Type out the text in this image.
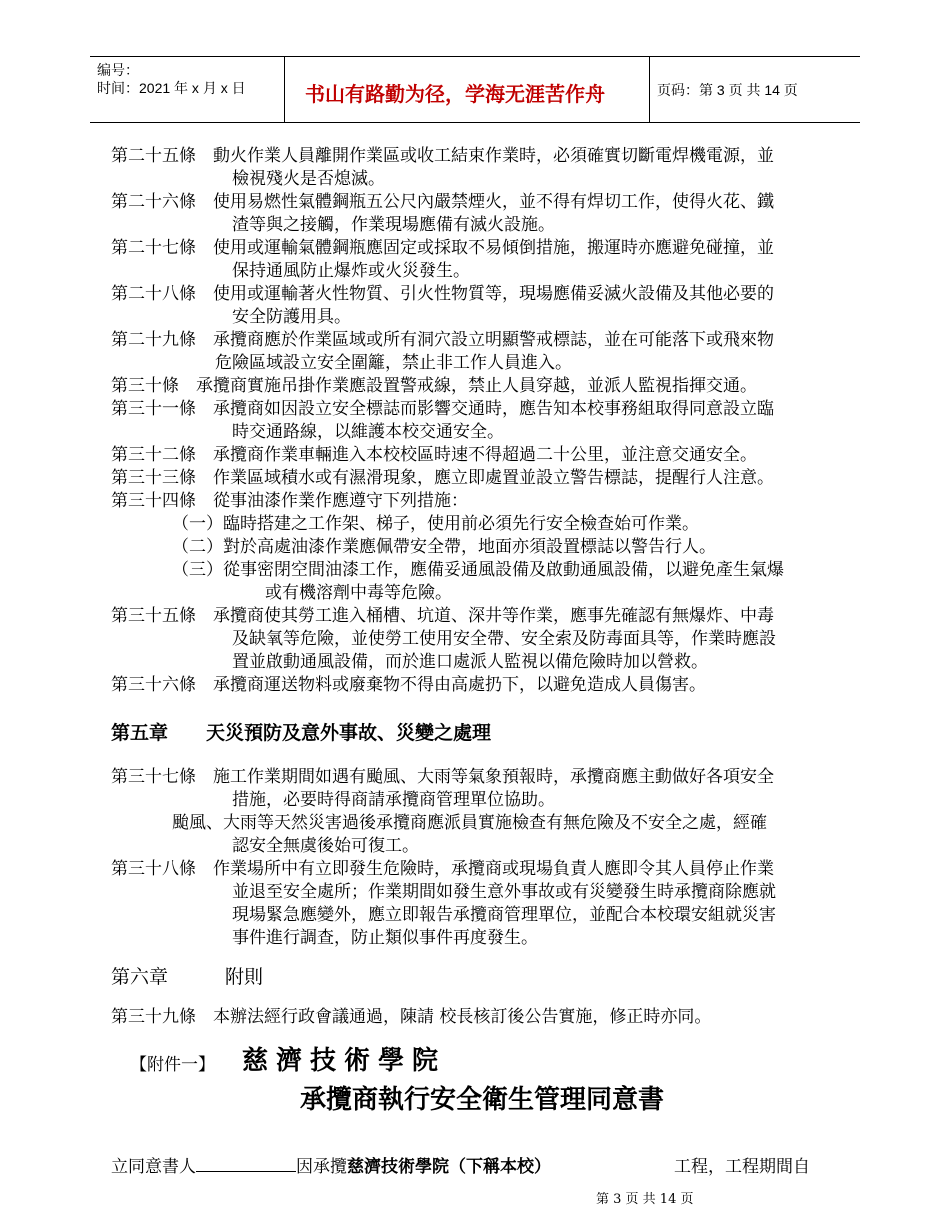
编号：
时间：2021 年 x 月 x 日	书山有路勤为径，学海无涯苦作舟	页码：第 3 页 共 14 页
第二十五條　動火作業人員離開作業區或收工結束作業時，必須確實切斷電焊機電源，並
檢視殘火是否熄滅。
第二十六條　使用易燃性氣體鋼瓶五公尺內嚴禁煙火，並不得有焊切工作，使得火花、鐵
渣等與之接觸，作業現場應備有滅火設施。
第二十七條　使用或運輸氣體鋼瓶應固定或採取不易傾倒措施，搬運時亦應避免碰撞，並
保持通風防止爆炸或火災發生。
第二十八條　使用或運輸著火性物質、引火性物質等，現場應備妥滅火設備及其他必要的
安全防護用具。
第二十九條　承攬商應於作業區域或所有洞穴設立明顯警戒標誌，並在可能落下或飛來物
危險區域設立安全圍籬，禁止非工作人員進入。
第三十條　承攬商實施吊掛作業應設置警戒線，禁止人員穿越，並派人監視指揮交通。
第三十一條　承攬商如因設立安全標誌而影響交通時，應告知本校事務組取得同意設立臨
時交通路線，以維護本校交通安全。
第三十二條　承攬商作業車輛進入本校校區時速不得超過二十公里，並注意交通安全。
第三十三條　作業區域積水或有濕滑現象，應立即處置並設立警告標誌，提醒行人注意。
第三十四條　從事油漆作業作應遵守下列措施：
（一）臨時搭建之工作架、梯子，使用前必須先行安全檢查始可作業。
（二）對於高處油漆作業應佩帶安全帶，地面亦須設置標誌以警告行人。
（三）從事密閉空間油漆工作，應備妥通風設備及啟動通風設備，以避免產生氣爆
或有機溶劑中毒等危險。
第三十五條　承攬商使其勞工進入桶槽、坑道、深井等作業，應事先確認有無爆炸、中毒
及缺氧等危險，並使勞工使用安全帶、安全索及防毒面具等，作業時應設
置並啟動通風設備，而於進口處派人監視以備危險時加以營救。
第三十六條　承攬商運送物料或廢棄物不得由高處扔下，以避免造成人員傷害。
第五章　　天災預防及意外事故、災變之處理
第三十七條　施工作業期間如遇有颱風、大雨等氣象預報時，承攬商應主動做好各項安全
措施，必要時得商請承攬商管理單位協助。
颱風、大雨等天然災害過後承攬商應派員實施檢查有無危險及不安全之處，經確
認安全無虞後始可復工。
第三十八條　作業場所中有立即發生危險時，承攬商或現場負責人應即令其人員停止作業
並退至安全處所；作業期間如發生意外事故或有災變發生時承攬商除應就
現場緊急應變外，應立即報告承攬商管理單位，並配合本校環安組就災害
事件進行調查，防止類似事件再度發生。
第六章　　　附則
第三十九條　本辦法經行政會議通過，陳請 校長核訂後公告實施，修正時亦同。
【附件一】 慈濟技術學院
承攬商執行安全衛生管理同意書
立同意書人	因承攬慈濟技術學院（下稱本校）	工程，工程期間自
第 3 页 共 14 页
